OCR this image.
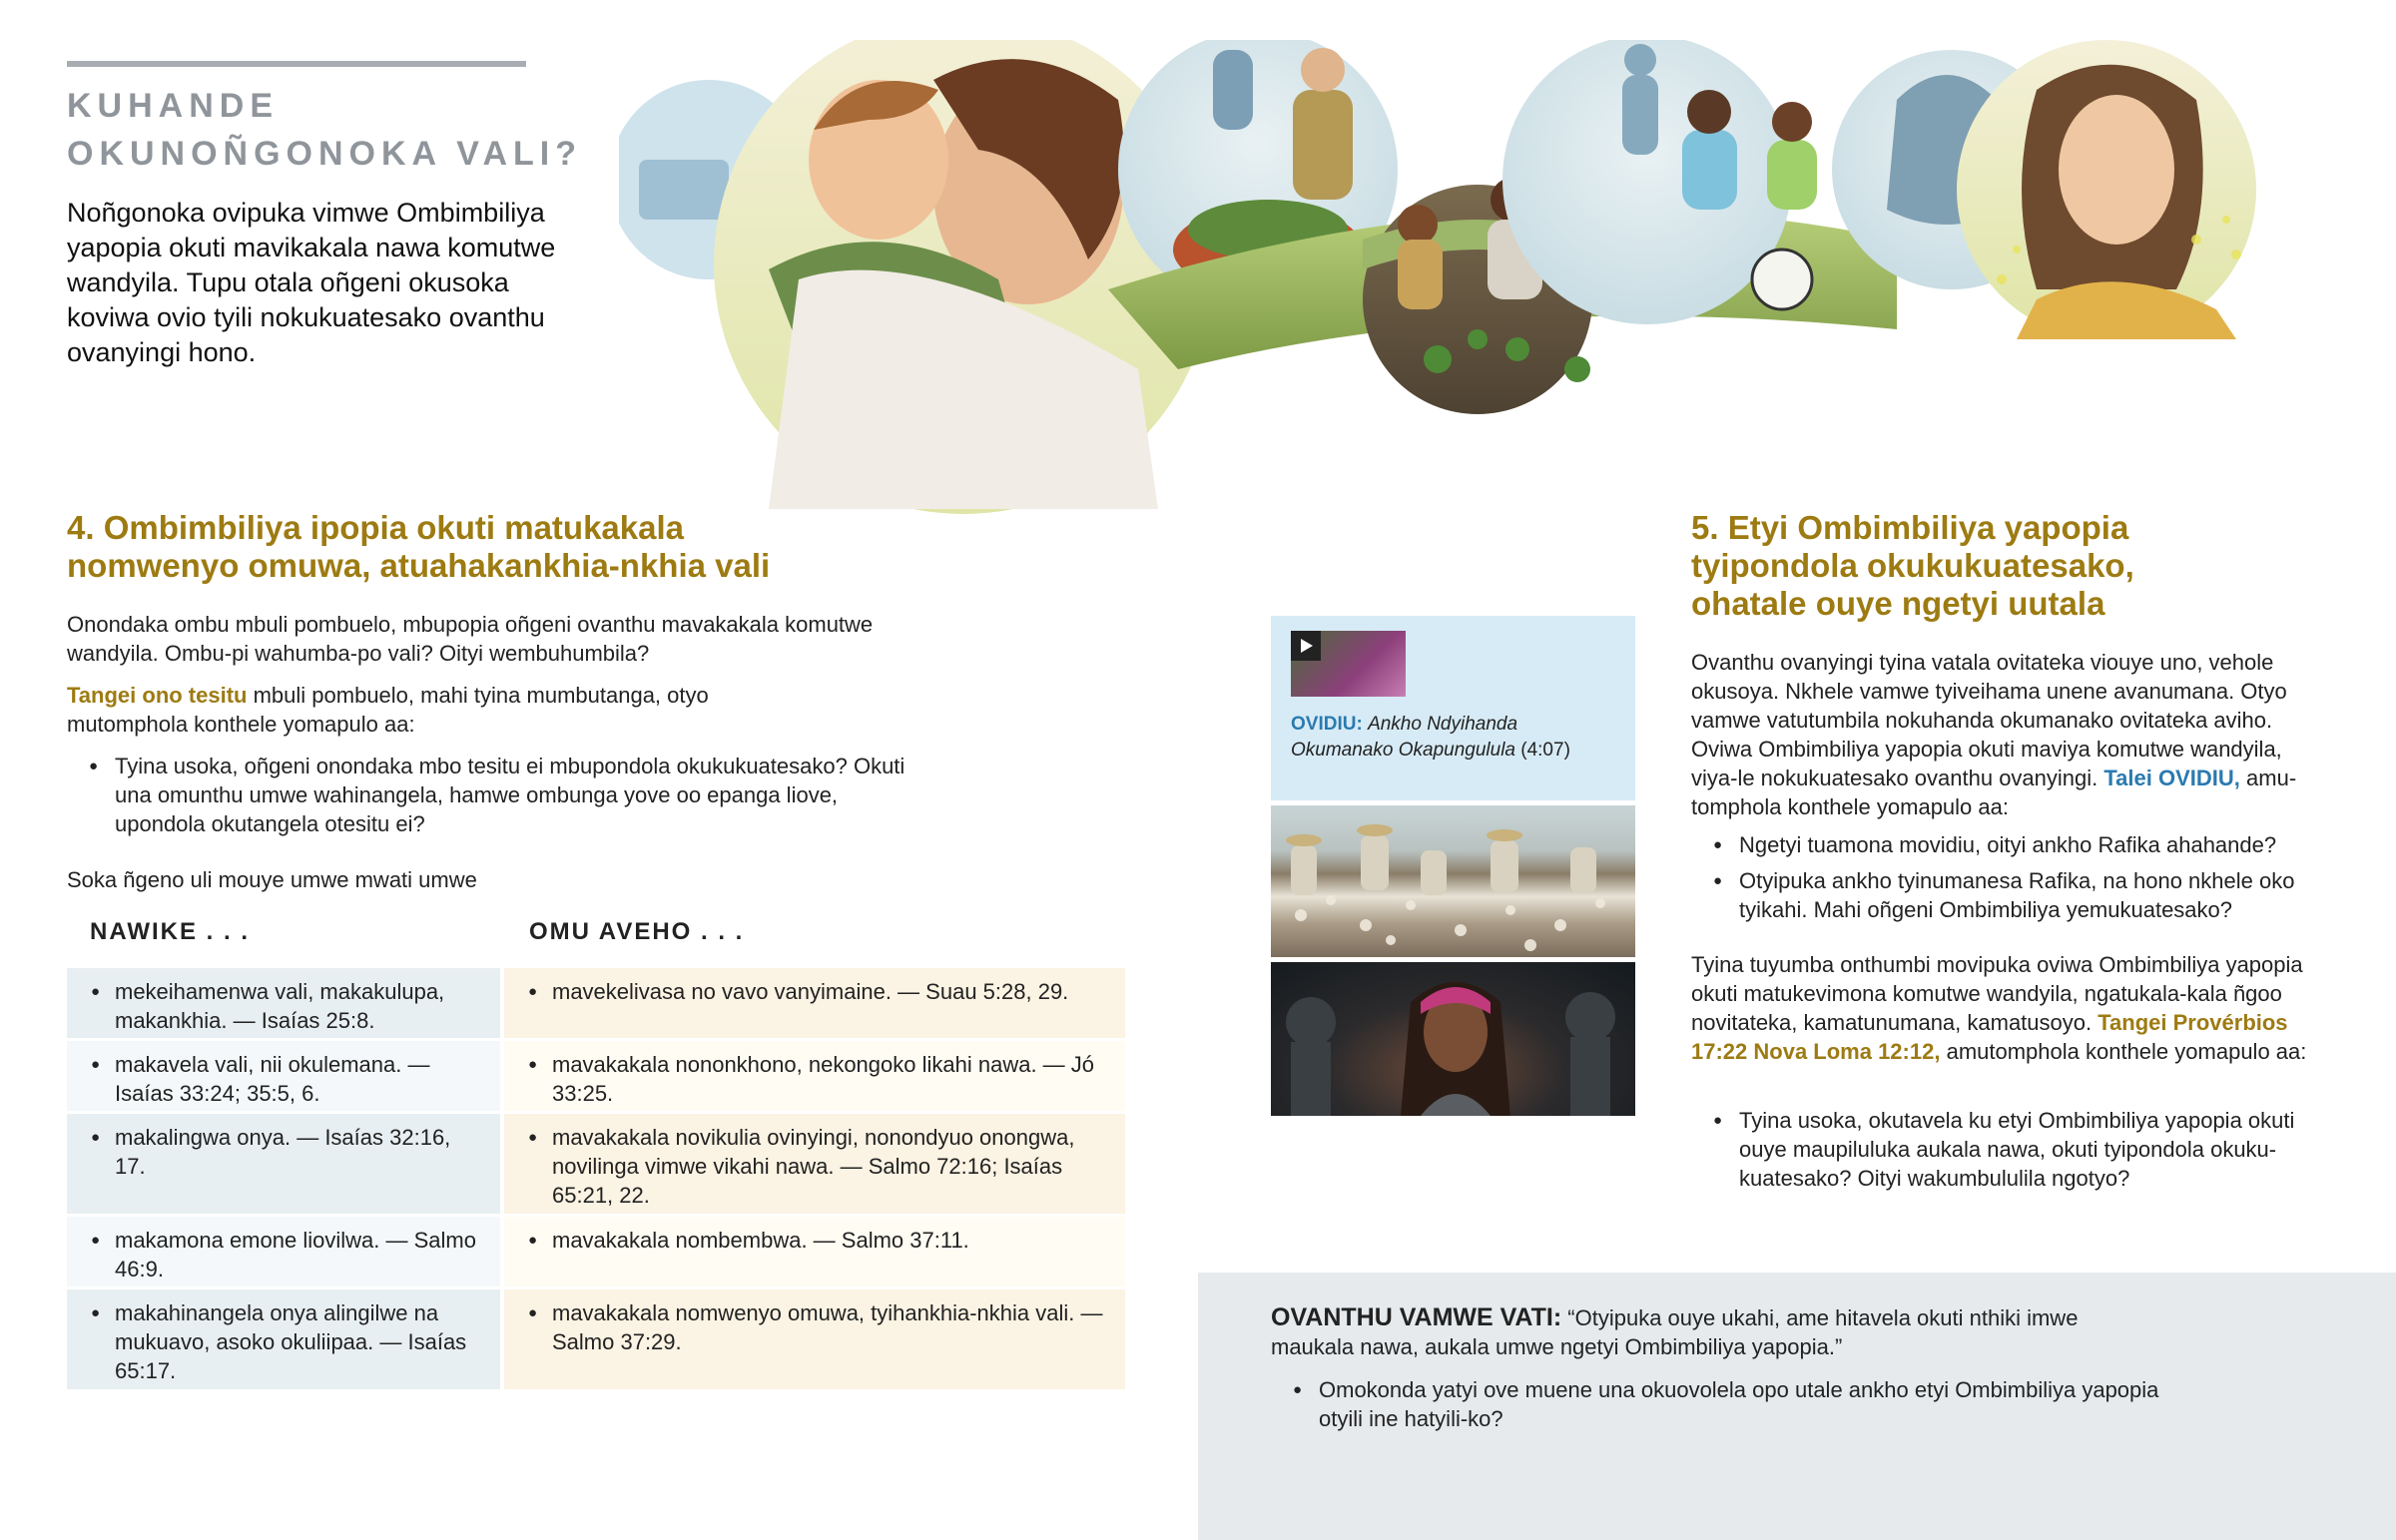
KUHANDE
OKUNOÑGONOKA VALI?
Noñgonoka ovipuka vimwe Ombimbiliya yapopia okuti mavikakala nawa komutwe wandyila. Tupu otala oñgeni okusoka koviwa ovio tyili nokukuatesako ovanthu ovanyingi hono.
4. Ombimbiliya ipopia okuti matukakala nomwenyo omuwa, atuahakankhia-nkhia vali
Onondaka ombu mbuli pombuelo, mbupopia oñgeni ovanthu mavakakala komutwe wandyila. Ombu-pi wahumba-po vali? Oityi wembuhumbila?
Tangei ono tesitu mbuli pombuelo, mahi tyina mumbutanga, otyo mutomphola konthele yomapulo aa:
● Tyina usoka, oñgeni onondaka mbo tesitu ei mbupondola okukukuatesako? Okuti una omunthu umwe wahinangela, hamwe ombunga yove oo epanga liove, upondola okutangela otesitu ei?
Soka ñgeno uli mouye umwe mwati umwe
NAWIKE . . .	OMU AVEHO . . .
● mekeihamenwa vali, makakulupa, makankhia. — Isaías 25:8.
● mavekelivasa no vavo vanyimaine. — Suau 5:28, 29.
● makavela vali, nii okulemana. — Isaías 33:24; 35:5, 6.
● mavakakala nononkhono, nekongoko likahi nawa. — Jó 33:25.
● makalingwa onya. — Isaías 32:16, 17.
● mavakakala novikulia ovinyingi, nonondyuo onongwa, novilinga vimwe vikahi nawa. — Salmo 72:16; Isaías 65:21, 22.
● makamona emone liovilwa. — Salmo 46:9.
● mavakakala nombembwa. — Salmo 37:11.
● makahinangela onya alingilwe na mukuavo, asoko okuliipaa. — Isaías 65:17.
● mavakakala nomwenyo omuwa, tyihankhia-nkhia vali. — Salmo 37:29.
OVIDIU: Ankho Ndyihanda Okumanako Okapungulula (4:07)
5. Etyi Ombimbiliya yapopia tyipondola okukukuatesako, ohatale ouye ngetyi uutala
Ovanthu ovanyingi tyina vatala ovitateka viouye uno, vehole okusoya. Nkhele vamwe tyiveihama unene avanumana. Otyo vamwe vatutumbila nokuhanda okumanako ovitateka aviho. Oviwa Ombimbiliya yapopia okuti maviya komutwe wandyila, viya-le nokukuatesako ovanthu ovanyingi. Talei OVIDIU, amutomphola konthele yomapulo aa:
● Ngetyi tuamona movidiu, oityi ankho Rafika ahahande?
● Otyipuka ankho tyinumanesa Rafika, na hono nkhele oko tyikahi. Mahi oñgeni Ombimbiliya yemukuatesako?
Tyina tuyumba onthumbi movipuka oviwa Ombimbiliya yapopia okuti matukevimona komutwe wandyila, ngatukala-kala ñgoo novitateka, kamatunumana, kamatusoyo. Tangei Provérbios 17:22 Nova Loma 12:12, amutomphola konthele yomapulo aa:
● Tyina usoka, okutavela ku etyi Ombimbiliya yapopia okuti ouye maupiluluka aukala nawa, okuti tyipondola okukukuatesako? Oityi wakumbululila ngotyo?
OVANTHU VAMWE VATI: “Otyipuka ouye ukahi, ame hitavela okuti nthiki imwe maukala nawa, aukala umwe ngetyi Ombimbiliya yapopia.”
● Omokonda yatyi ove muene una okuovolela opo utale ankho etyi Ombimbiliya yapopia otyili ine hatyili-ko?
